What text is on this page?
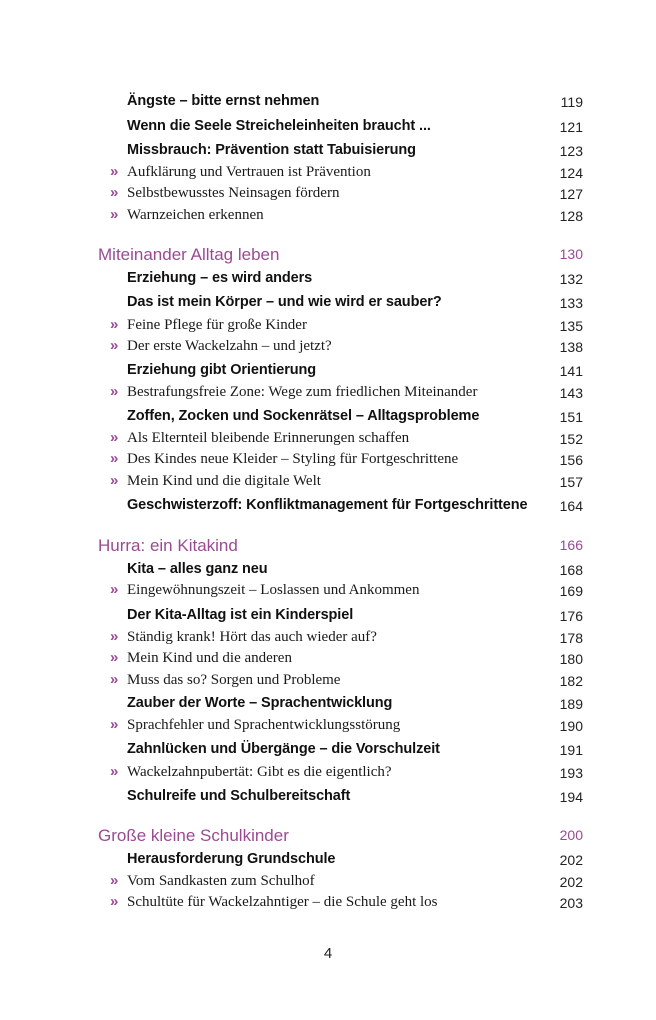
Ängste – bitte ernst nehmen	119
Wenn die Seele Streicheleinheiten braucht ...	121
Missbrauch: Prävention statt Tabuisierung	123
» Aufklärung und Vertrauen ist Prävention	124
» Selbstbewusstes Neinsagen fördern	127
» Warnzeichen erkennen	128
Miteinander Alltag leben	130
Erziehung – es wird anders	132
Das ist mein Körper – und wie wird er sauber?	133
» Feine Pflege für große Kinder	135
» Der erste Wackelzahn – und jetzt?	138
Erziehung gibt Orientierung	141
» Bestrafungsfreie Zone: Wege zum friedlichen Miteinander	143
Zoffen, Zocken und Sockenrätsel – Alltagsprobleme	151
» Als Elternteil bleibende Erinnerungen schaffen	152
» Des Kindes neue Kleider – Styling für Fortgeschrittene	156
» Mein Kind und die digitale Welt	157
Geschwisterzoff: Konfliktmanagement für Fortgeschrittene 164
Hurra: ein Kitakind	166
Kita – alles ganz neu	168
» Eingewöhnungszeit – Loslassen und Ankommen	169
Der Kita-Alltag ist ein Kinderspiel	176
» Ständig krank! Hört das auch wieder auf?	178
» Mein Kind und die anderen	180
» Muss das so? Sorgen und Probleme	182
Zauber der Worte – Sprachentwicklung	189
» Sprachfehler und Sprachentwicklungsstörung	190
Zahnlücken und Übergänge – die Vorschulzeit	191
» Wackelzahnpubertät: Gibt es die eigentlich?	193
Schulreife und Schulbereitschaft	194
Große kleine Schulkinder	200
Herausforderung Grundschule	202
» Vom Sandkasten zum Schulhof	202
» Schultüte für Wackelzahntiger – die Schule geht los	203
4
